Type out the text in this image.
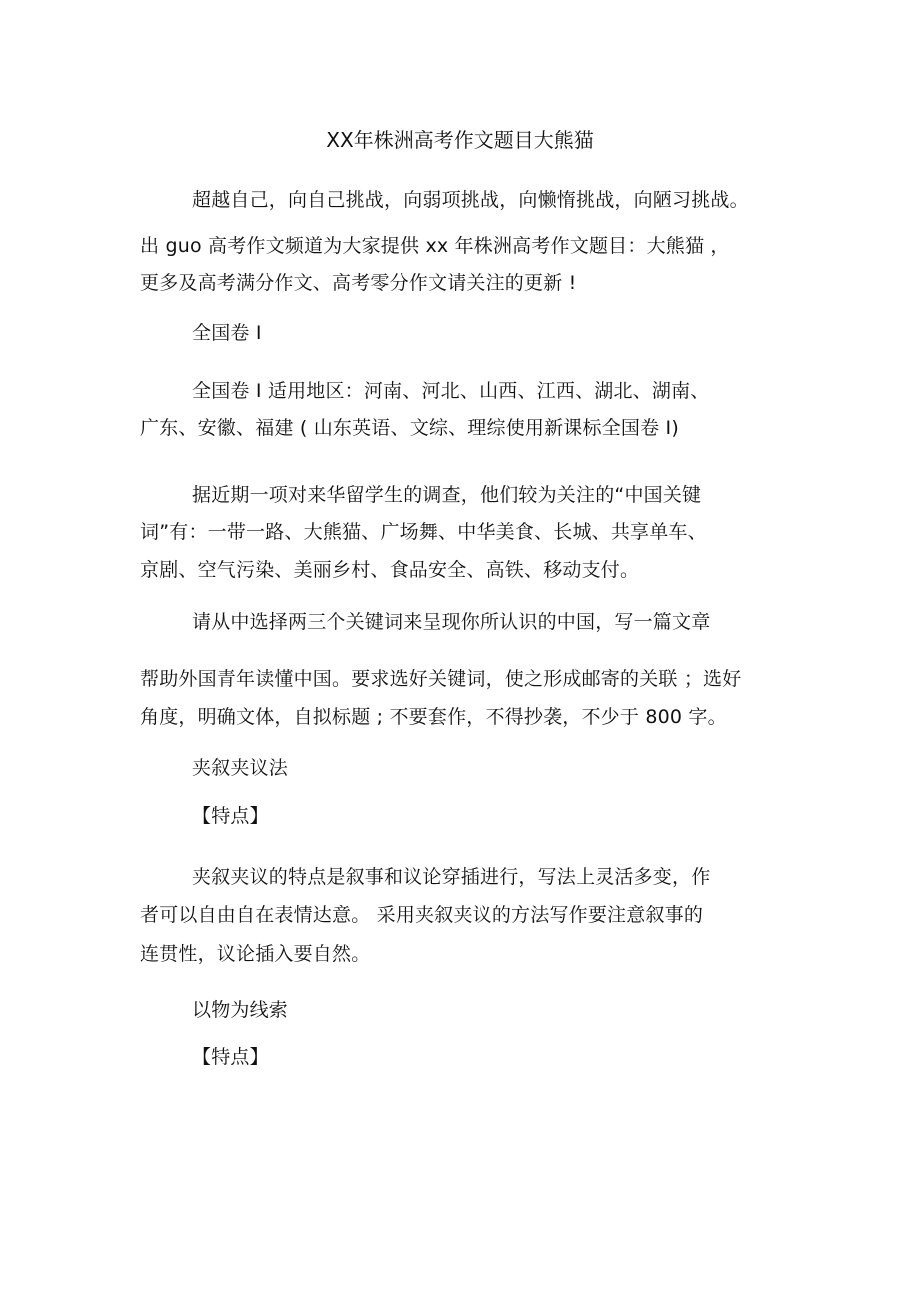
XX年株洲高考作文题目大熊猫
超越自己，向自己挑战，向弱项挑战，向懒惰挑战，向陋习挑战。
出 guo 高考作文频道为大家提供 xx 年株洲高考作文题目：大熊猫 ，
更多及高考满分作文、高考零分作文请关注的更新 !
全国卷 I
全国卷 I 适用地区：河南、河北、山西、江西、湖北、湖南、
广东、安徽、福建 ( 山东英语、文综、理综使用新课标全国卷 I)
据近期一项对来华留学生的调查，他们较为关注的“中国关键
词”有：一带一路、大熊猫、广场舞、中华美食、长城、共享单车、
京剧、空气污染、美丽乡村、食品安全、高铁、移动支付。
请从中选择两三个关键词来呈现你所认识的中国，写一篇文章
帮助外国青年读懂中国。要求选好关键词，使之形成邮寄的关联 ；选好
角度，明确文体，自拟标题 ; 不要套作，不得抄袭，不少于 800 字。
夹叙夹议法
【特点】
夹叙夹议的特点是叙事和议论穿插进行，写法上灵活多变，作
者可以自由自在表情达意。 采用夹叙夹议的方法写作要注意叙事的
连贯性，议论插入要自然。
以物为线索
【特点】
